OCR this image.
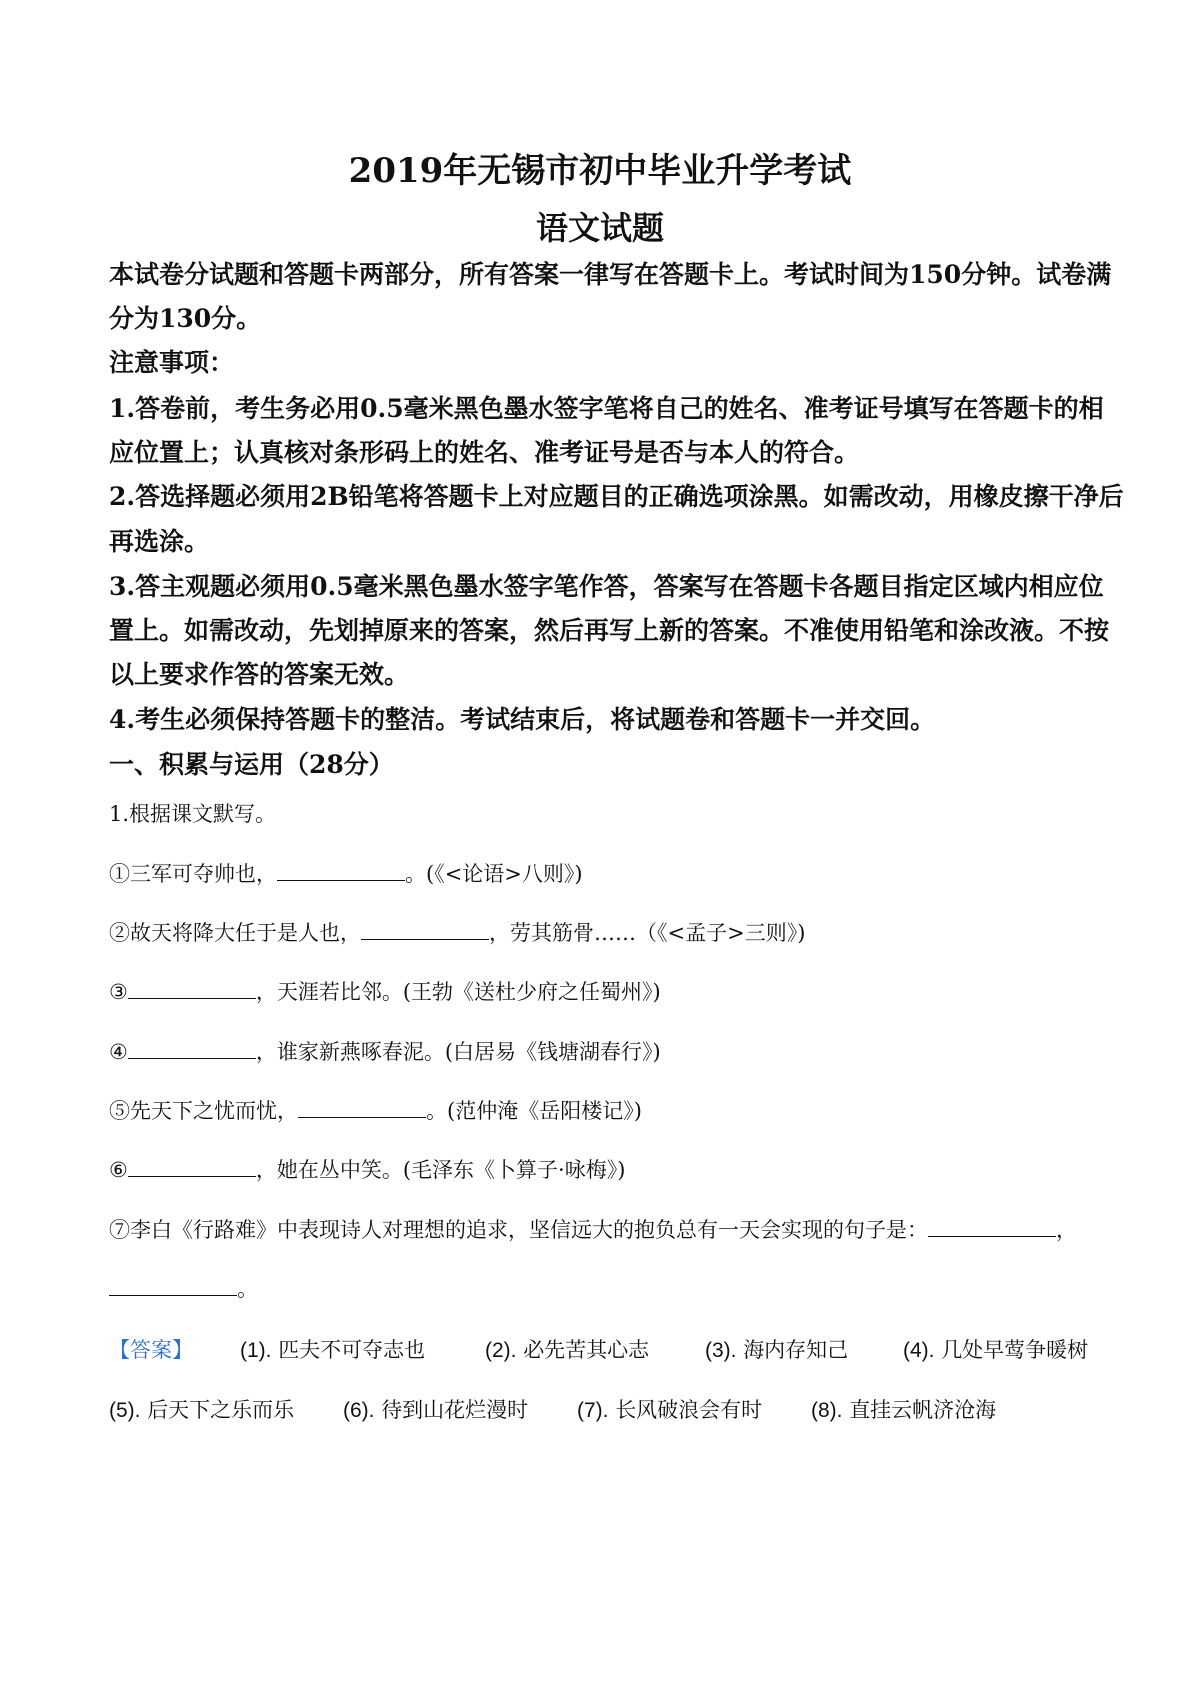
2019年无锡市初中毕业升学考试
语文试题
本试卷分试题和答题卡两部分，所有答案一律写在答题卡上。考试时间为150分钟。试卷满
分为130分。
注意事项：
1.答卷前，考生务必用0.5毫米黑色墨水签字笔将自己的姓名、准考证号填写在答题卡的相
应位置上；认真核对条形码上的姓名、准考证号是否与本人的符合。
2.答选择题必须用2B铅笔将答题卡上对应题目的正确选项涂黑。如需改动，用橡皮擦干净后
再选涂。
3.答主观题必须用0.5毫米黑色墨水签字笔作答，答案写在答题卡各题目指定区域内相应位
置上。如需改动，先划掉原来的答案，然后再写上新的答案。不准使用铅笔和涂改液。不按
以上要求作答的答案无效。
4.考生必须保持答题卡的整洁。考试结束后，将试题卷和答题卡一并交回。
一、积累与运用（28分）
1.根据课文默写。
①三军可夺帅也，	。(《<论语>八则》)
②故天将降大任于是人也，	，劳其筋骨……（《<孟子>三则》)
③	，天涯若比邻。(王勃《送杜少府之任蜀州》)
④	，谁家新燕啄春泥。(白居易《钱塘湖春行》)
⑤先天下之忧而忧，	。(范仲淹《岳阳楼记》)
⑥	，她在丛中笑。(毛泽东《卜算子·咏梅》)
⑦李白《行路难》中表现诗人对理想的追求，坚信远大的抱负总有一天会实现的句子是：	，
。
【答案】 (1). 匹夫不可夺志也	(2). 必先苦其心志	(3). 海内存知己	(4). 几处早莺争暖树
(5). 后天下之乐而乐 (6). 待到山花烂漫时 (7). 长风破浪会有时 (8). 直挂云帆济沧海
